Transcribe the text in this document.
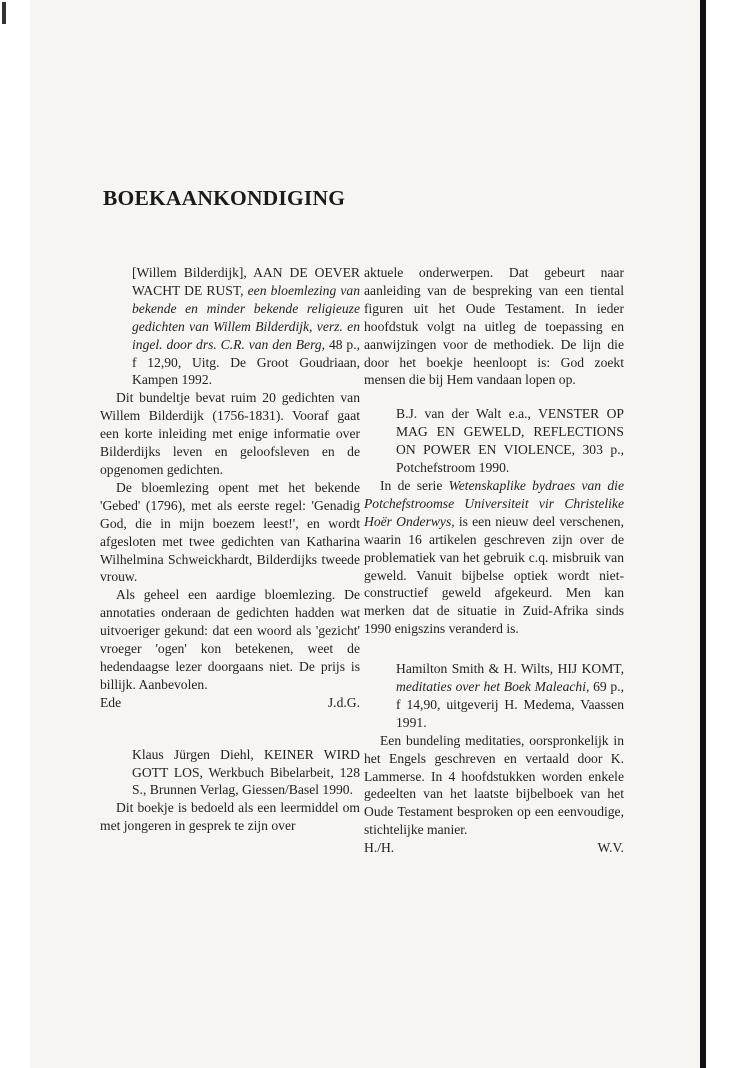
BOEKAANKONDIGING

[Willem Bilderdijk], AAN DE OEVER WACHT DE RUST, een bloemlezing van bekende en minder bekende religieuze gedichten van Willem Bilderdijk, verz. en ingel. door drs. C.R. van den Berg, 48 p., f 12,90, Uitg. De Groot Goudriaan, Kampen 1992.

Dit bundeltje bevat ruim 20 gedichten van Willem Bilderdijk (1756-1831). Vooraf gaat een korte inleiding met enige informatie over Bilderdijks leven en geloofsleven en de opgenomen gedichten.

De bloemlezing opent met het bekende 'Gebed' (1796), met als eerste regel: 'Genadig God, die in mijn boezem leest!', en wordt afgesloten met twee gedichten van Katharina Wilhelmina Schweickhardt, Bilderdijks tweede vrouw.

Als geheel een aardige bloemlezing. De annotaties onderaan de gedichten hadden wat uitvoeriger gekund: dat een woord als 'gezicht' vroeger 'ogen' kon betekenen, weet de hedendaagse lezer doorgaans niet. De prijs is billijk. Aanbevolen.

Ede	J.d.G.

Klaus Jürgen Diehl, KEINER WIRD GOTT LOS, Werkbuch Bibelarbeit, 128 S., Brunnen Verlag, Giessen/Basel 1990.

Dit boekje is bedoeld als een leermiddel om met jongeren in gesprek te zijn over

aktuele onderwerpen. Dat gebeurt naar aanleiding van de bespreking van een tiental figuren uit het Oude Testament. In ieder hoofdstuk volgt na uitleg de toepassing en aanwijzingen voor de methodiek. De lijn die door het boekje heenloopt is: God zoekt mensen die bij Hem vandaan lopen op.

B.J. van der Walt e.a., VENSTER OP MAG EN GEWELD, REFLECTIONS ON POWER EN VIOLENCE, 303 p., Potchefstroom 1990.

In de serie Wetenskaplike bydraes van die Potchefstroomse Universiteit vir Christelike Hoër Onderwys, is een nieuw deel verschenen, waarin 16 artikelen geschreven zijn over de problematiek van het gebruik c.q. misbruik van geweld. Vanuit bijbelse optiek wordt niet-constructief geweld afgekeurd. Men kan merken dat de situatie in Zuid-Afrika sinds 1990 enigszins veranderd is.

Hamilton Smith & H. Wilts, HIJ KOMT, meditaties over het Boek Maleachi, 69 p., f 14,90, uitgeverij H. Medema, Vaassen 1991.

Een bundeling meditaties, oorspronkelijk in het Engels geschreven en vertaald door K. Lammerse. In 4 hoofdstukken worden enkele gedeelten van het laatste bijbelboek van het Oude Testament besproken op een eenvoudige, stichtelijke manier.

H./H.	W.V.
